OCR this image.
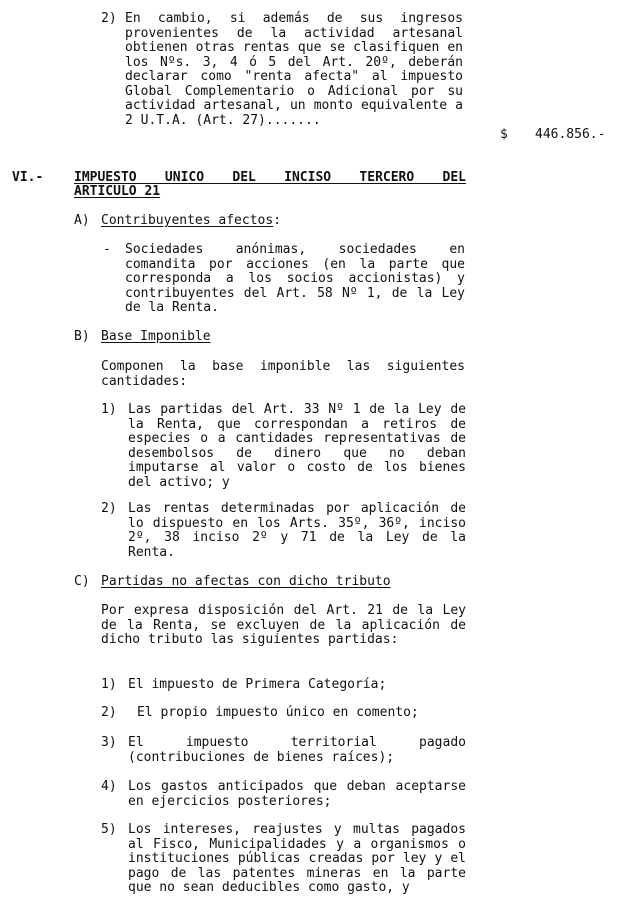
2) En cambio, si además de sus ingresos provenientes de la actividad artesanal obtienen otras rentas que se clasifiquen en los Nºs. 3, 4 ó 5 del Art. 20º, deberán declarar como "renta afecta" al impuesto Global Complementario o Adicional por su actividad artesanal, un monto equivalente a 2 U.T.A. (Art. 27).......
$ 446.856.-
VI.- IMPUESTO UNICO DEL INCISO TERCERO DEL
ARTICULO 21
A) Contribuyentes afectos:
- Sociedades anónimas, sociedades en comandita por acciones (en la parte que corresponda a los socios accionistas) y contribuyentes del Art. 58 Nº 1, de la Ley de la Renta.
B) Base Imponible
Componen la base imponible las siguientes cantidades:
1) Las partidas del Art. 33 Nº 1 de la Ley de la Renta, que correspondan a retiros de especies o a cantidades representativas de desembolsos de dinero que no deban imputarse al valor o costo de los bienes del activo; y
2) Las rentas determinadas por aplicación de lo dispuesto en los Arts. 35º, 36º, inciso 2º, 38 inciso 2º y 71 de la Ley de la Renta.
C) Partidas no afectas con dicho tributo
Por expresa disposición del Art. 21 de la Ley de la Renta, se excluyen de la aplicación de dicho tributo las siguientes partidas:
1) El impuesto de Primera Categoría;
2) El propio impuesto único en comento;
3) El impuesto territorial pagado (contribuciones de bienes raíces);
4) Los gastos anticipados que deban aceptarse en ejercicios posteriores;
5) Los intereses, reajustes y multas pagados al Fisco, Municipalidades y a organismos o instituciones públicas creadas por ley y el pago de las patentes mineras en la parte que no sean deducibles como gasto, y
